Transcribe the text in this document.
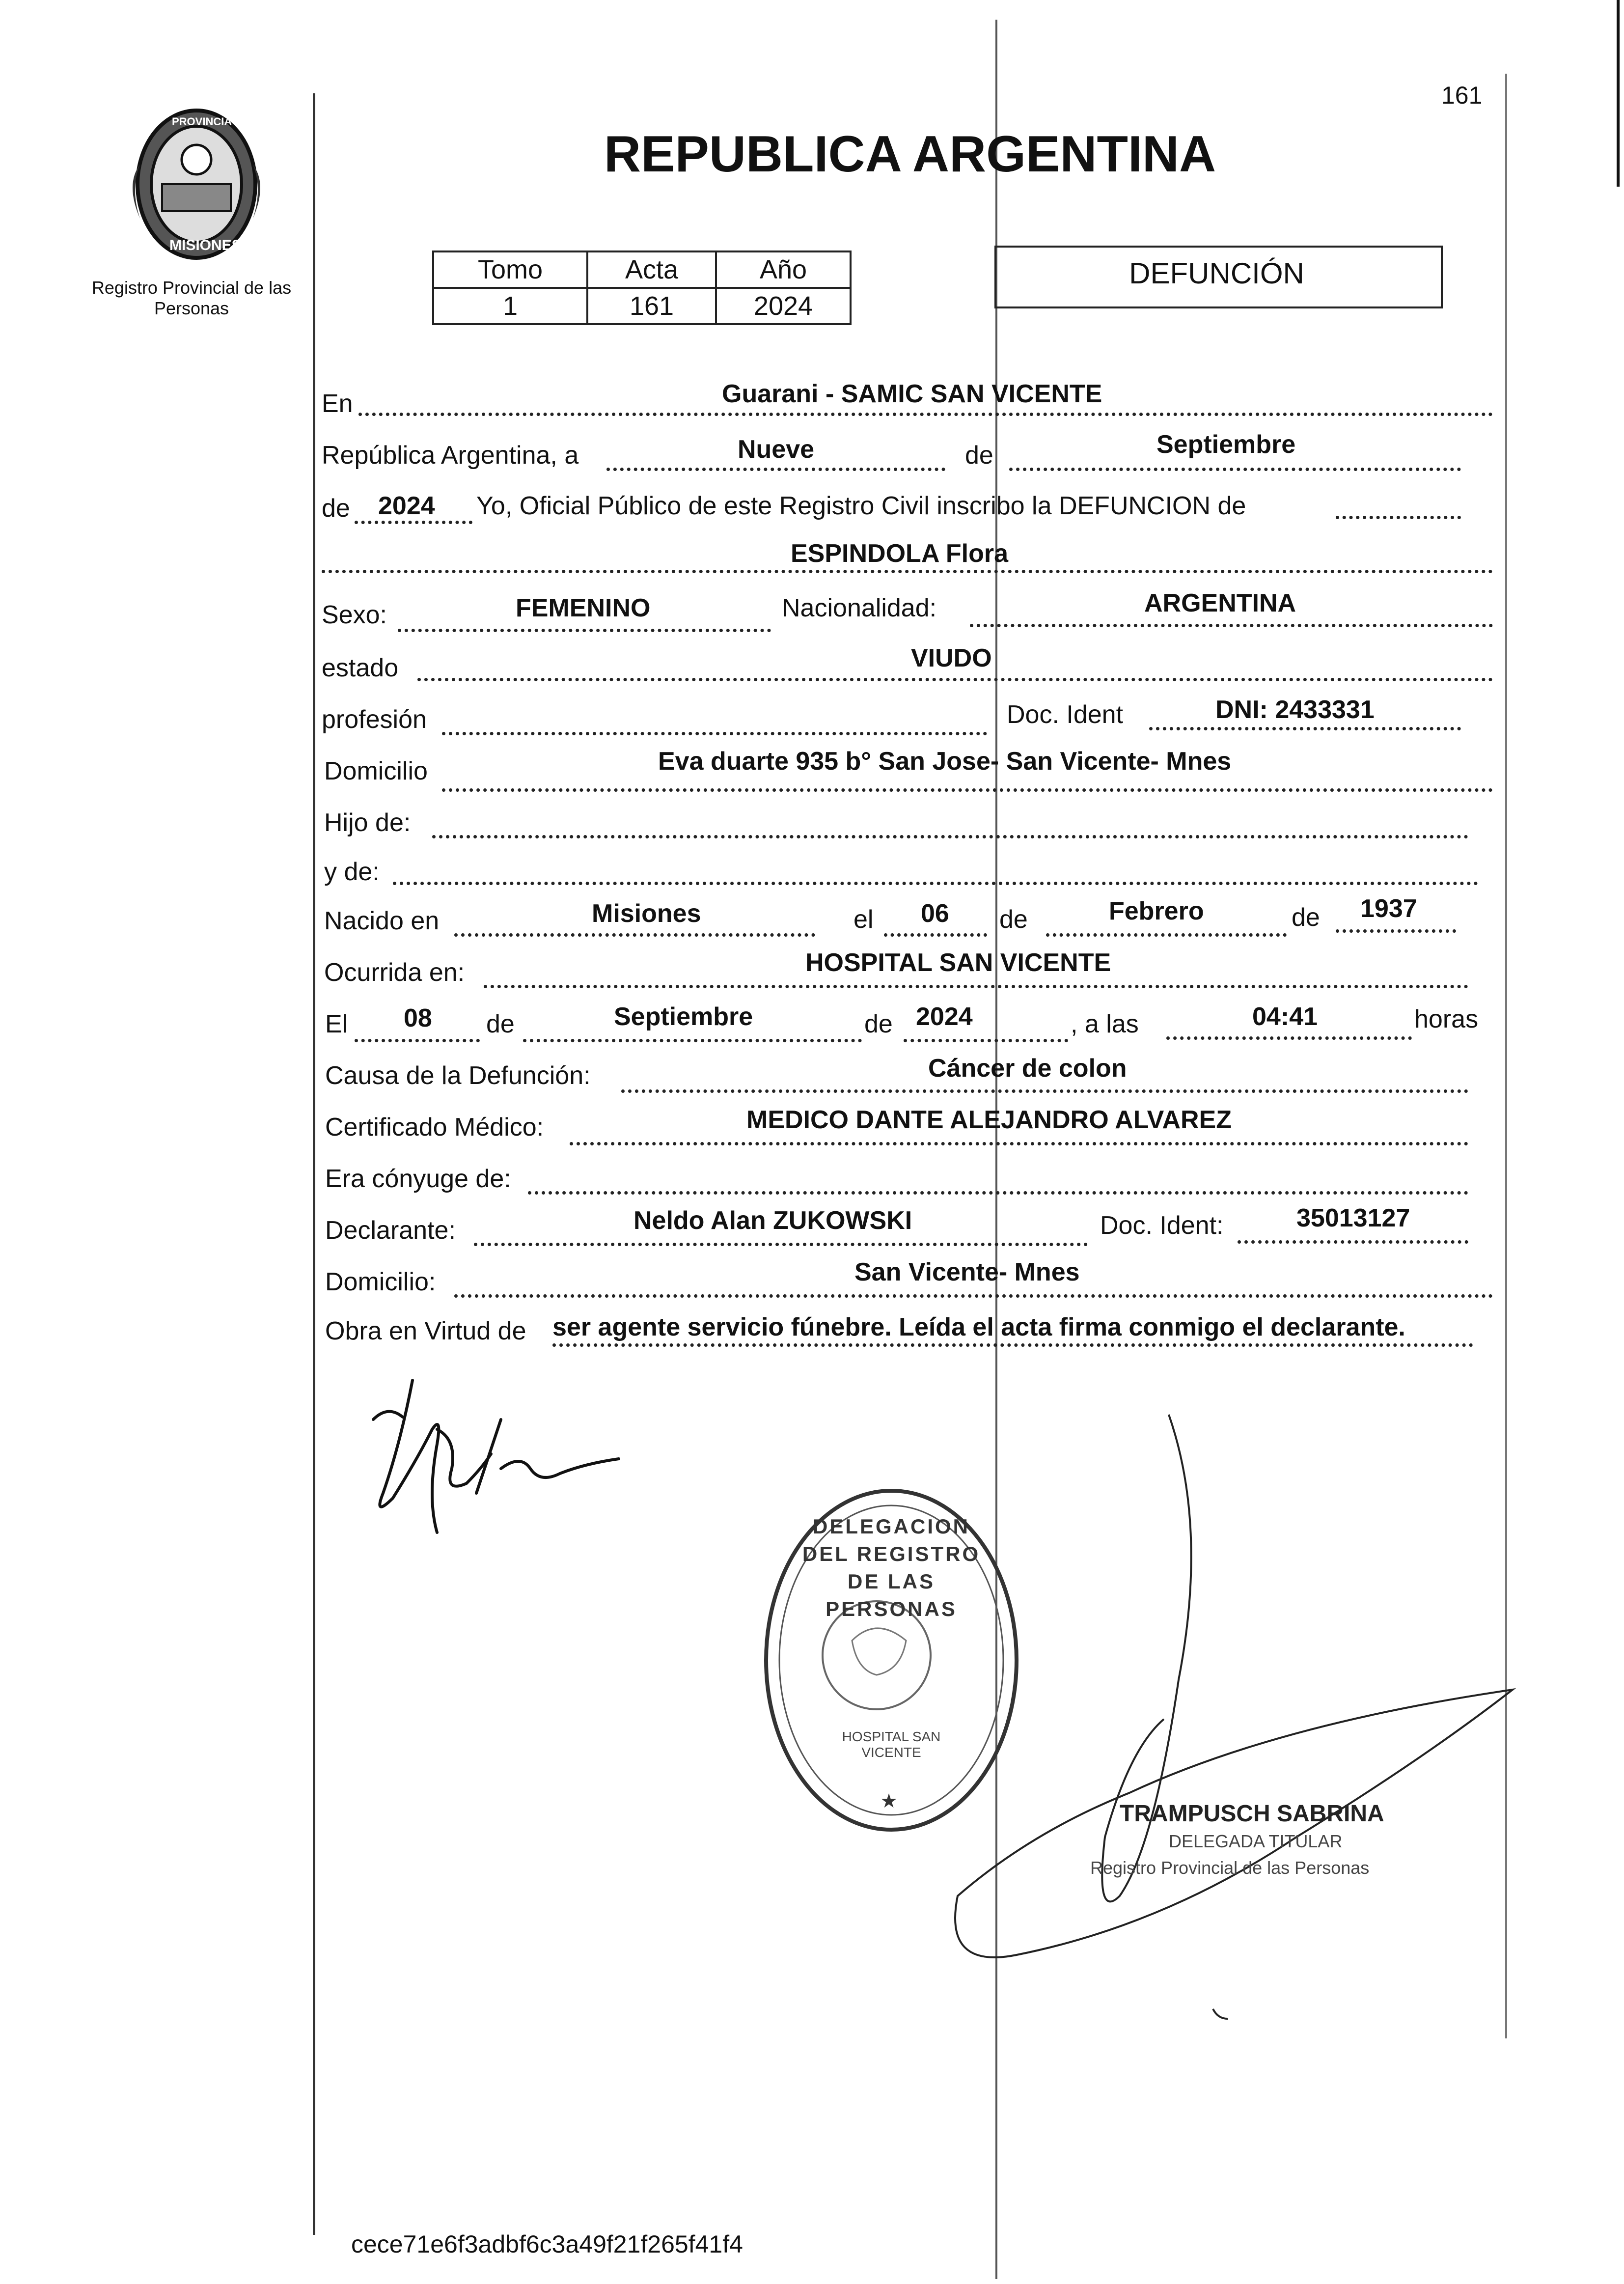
161
PROVINCIA DE
MISIONES
Registro Provincial de las Personas
REPUBLICA ARGENTINA
Tomo	Acta	Año
1	161	2024
DEFUNCIÓN
En	Guarani - SAMIC SAN VICENTE
República Argentina, a	Nueve	de	Septiembre
de 2024 Yo, Oficial Público de este Registro Civil inscribo la DEFUNCION de
ESPINDOLA Flora
Sexo:	FEMENINO	Nacionalidad:	ARGENTINA
estado	VIUDO
profesión	Doc. Ident	DNI: 2433331
Domicilio	Eva duarte 935 b° San Jose- San Vicente- Mnes
Hijo de:
y de:
Nacido en	Misiones	el 06 de	Febrero	de 1937
Ocurrida en:	HOSPITAL SAN VICENTE
El 08 de	Septiembre	de 2024	, a las	04:41	horas
Causa de la Defunción:	Cáncer de colon
Certificado Médico:	MEDICO DANTE ALEJANDRO ALVAREZ
Era cónyuge de:
Declarante:	Neldo Alan ZUKOWSKI	Doc. Ident:	35013127
Domicilio:	San Vicente- Mnes
Obra en Virtud de ser agente servicio fúnebre. Leída el acta firma conmigo el declarante.
★
DELEGACION DEL REGISTRO DE LAS PERSONAS
HOSPITAL SAN VICENTE
TRAMPUSCH SABRINA
DELEGADA TITULAR
Registro Provincial de las Personas
cece71e6f3adbf6c3a49f21f265f41f4
